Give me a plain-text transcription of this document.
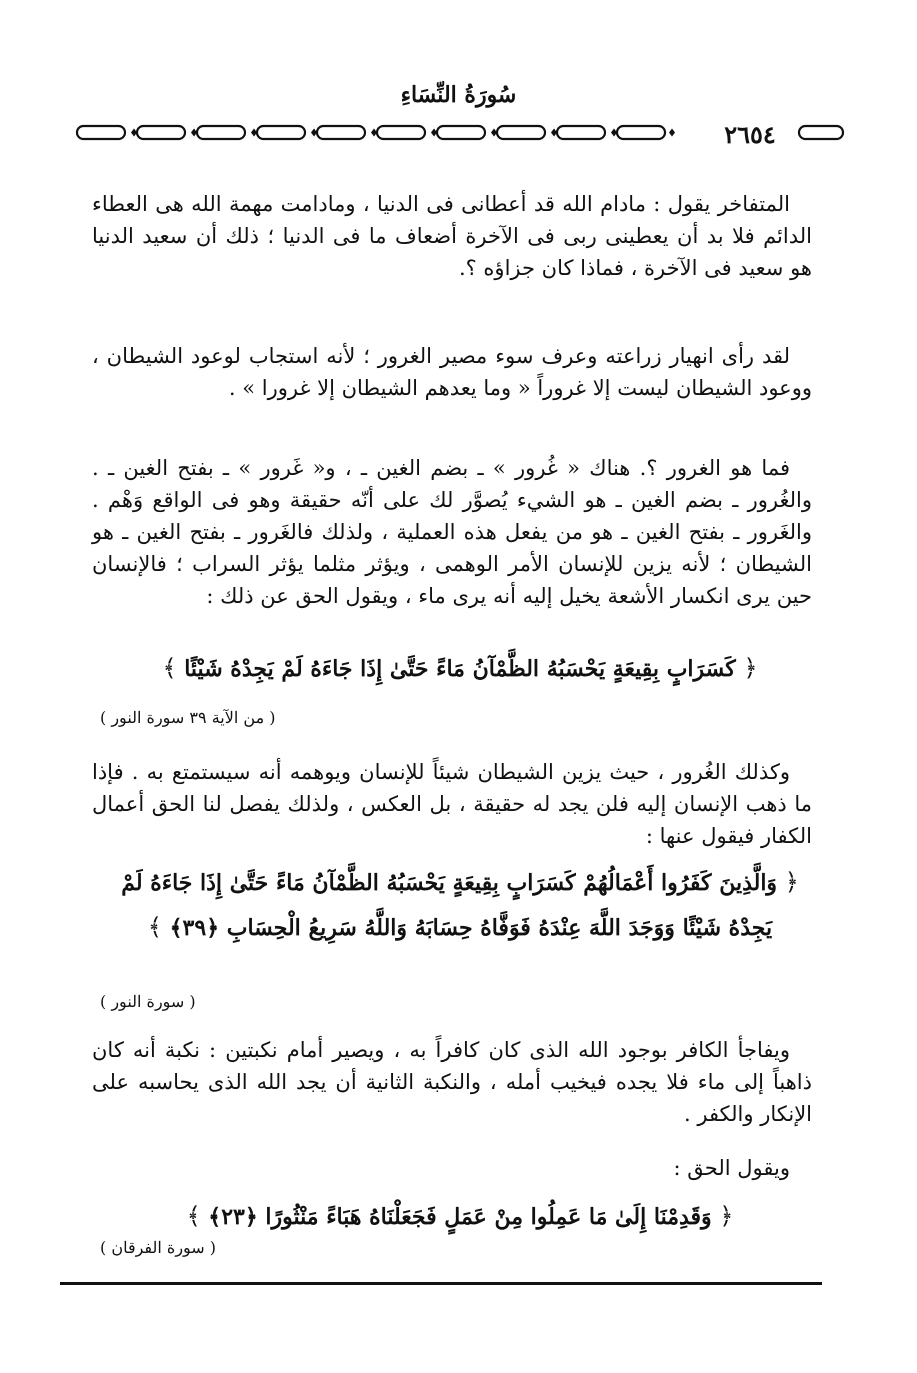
سُورَةُ النِّسَاءِ
٢٦٥٤
المتفاخر يقول : مادام الله قد أعطانى فى الدنيا ، ومادامت مهمة الله هى العطاء الدائم فلا بد أن يعطينى ربى فى الآخرة أضعاف ما فى الدنيا ؛ ذلك أن سعيد الدنيا هو سعيد فى الآخرة ، فماذا كان جزاؤه ؟.
لقد رأى انهيار زراعته وعرف سوء مصير الغرور ؛ لأنه استجاب لوعود الشيطان ، ووعود الشيطان ليست إلا غروراً « وما يعدهم الشيطان إلا غرورا » .
فما هو الغرور ؟. هناك « غُرور » ـ بضم الغين ـ ، و« غَرور » ـ بفتح الغين ـ . والغُرور ـ بضم الغين ـ هو الشيء يُصوَّر لك على أنّه حقيقة وهو فى الواقع وَهْم . والغَرور ـ بفتح الغين ـ هو من يفعل هذه العملية ، ولذلك فالغَرور ـ بفتح الغين ـ هو الشيطان ؛ لأنه يزين للإنسان الأمر الوهمى ، ويؤثر مثلما يؤثر السراب ؛ فالإنسان حين يرى انكسار الأشعة يخيل إليه أنه يرى ماء ، ويقول الحق عن ذلك :
﴿ كَسَرَابٍ بِقِيعَةٍ يَحْسَبُهُ الظَّمْآنُ مَاءً حَتَّىٰ إِذَا جَاءَهُ لَمْ يَجِدْهُ شَيْئًا ﴾
( من الآية ٣٩ سورة النور )
وكذلك الغُرور ، حيث يزين الشيطان شيئاً للإنسان ويوهمه أنه سيستمتع به . فإذا ما ذهب الإنسان إليه فلن يجد له حقيقة ، بل العكس ، ولذلك يفصل لنا الحق أعمال الكفار فيقول عنها :
﴿ وَالَّذِينَ كَفَرُوا أَعْمَالُهُمْ كَسَرَابٍ بِقِيعَةٍ يَحْسَبُهُ الظَّمْآنُ مَاءً حَتَّىٰ إِذَا جَاءَهُ لَمْ
يَجِدْهُ شَيْئًا وَوَجَدَ اللَّهَ عِنْدَهُ فَوَفَّاهُ حِسَابَهُ وَاللَّهُ سَرِيعُ الْحِسَابِ ﴿٣٩﴾ ﴾
( سورة النور )
ويفاجأ الكافر بوجود الله الذى كان كافراً به ، ويصير أمام نكبتين : نكبة أنه كان ذاهباً إلى ماء فلا يجده فيخيب أمله ، والنكبة الثانية أن يجد الله الذى يحاسبه على الإنكار والكفر .
ويقول الحق :
﴿ وَقَدِمْنَا إِلَىٰ مَا عَمِلُوا مِنْ عَمَلٍ فَجَعَلْنَاهُ هَبَاءً مَنْثُورًا ﴿٢٣﴾ ﴾
( سورة الفرقان )
